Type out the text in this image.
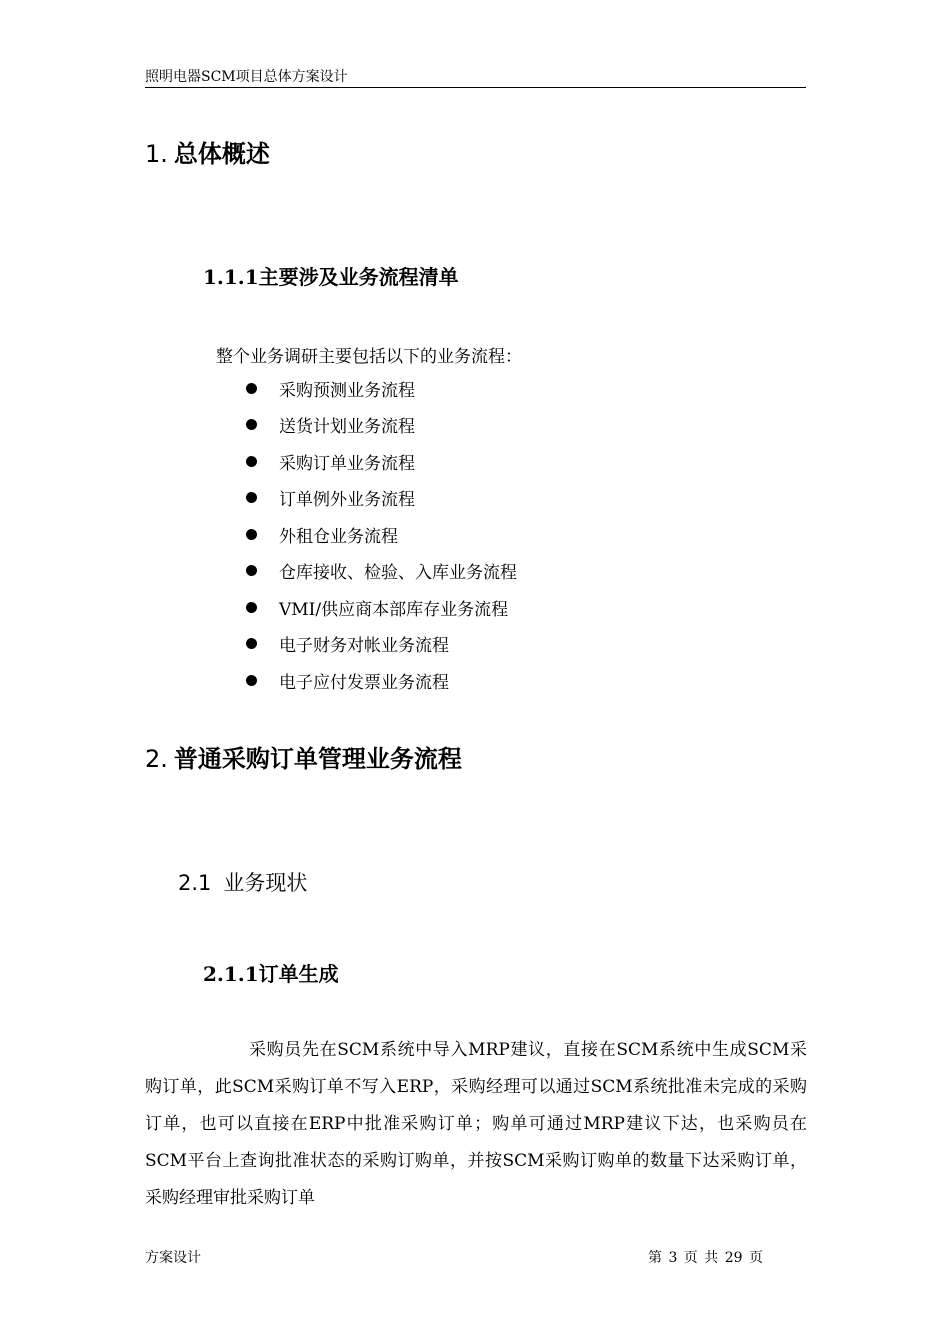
照明电器SCM项目总体方案设计
1. 总体概述
1.1.1主要涉及业务流程清单
整个业务调研主要包括以下的业务流程：
采购预测业务流程
送货计划业务流程
采购订单业务流程
订单例外业务流程
外租仓业务流程
仓库接收、检验、入库业务流程
VMI/供应商本部库存业务流程
电子财务对帐业务流程
电子应付发票业务流程
2. 普通采购订单管理业务流程
2.1 业务现状
2.1.1订单生成

采购员先在SCM系统中导入MRP建议，直接在SCM系统中生成SCM采购订单，此SCM采购订单不写入ERP，采购经理可以通过SCM系统批准未完成的采购订单，也可以直接在ERP中批准采购订单；购单可通过MRP建议下达，也采购员在SCM平台上查询批准状态的采购订购单，并按SCM采购订购单的数量下达采购订单，采购经理审批采购订单

方案设计	第 3 页 共 29 页
